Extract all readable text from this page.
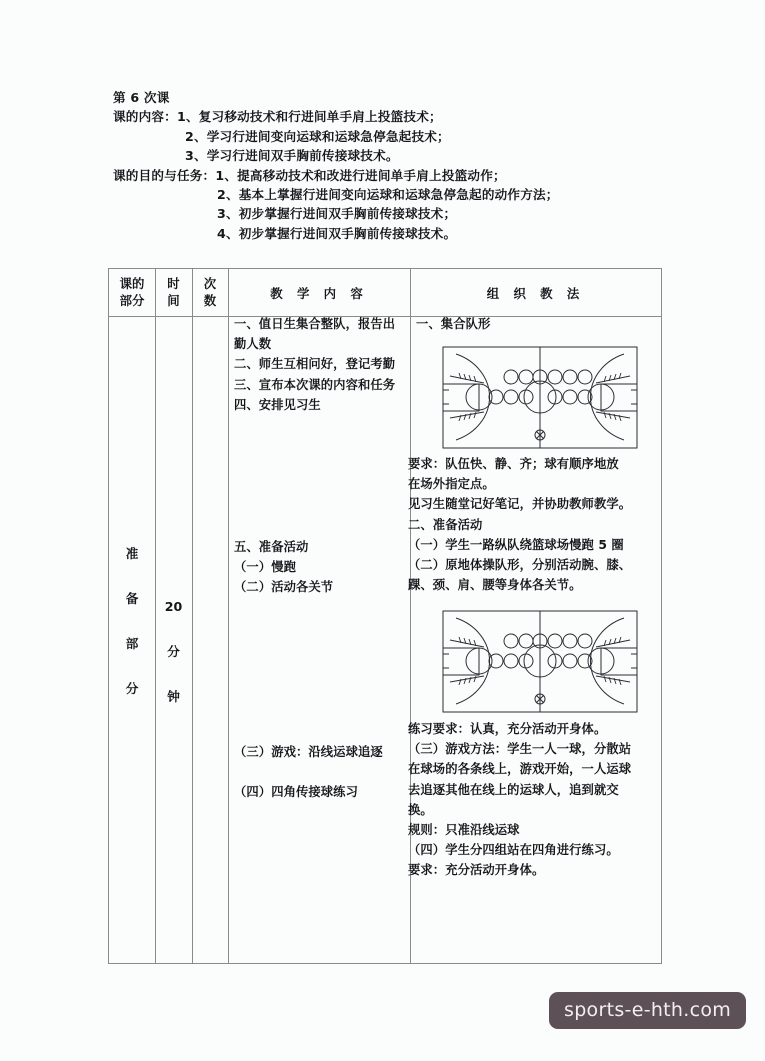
第 6 次课
课的内容：1、复习移动技术和行进间单手肩上投篮技术；
2、学习行进间变向运球和运球急停急起技术；
3、学习行进间双手胸前传接球技术。
课的目的与任务：1、提高移动技术和改进行进间单手肩上投篮动作；
2、基本上掌握行进间变向运球和运球急停急起的动作方法；
3、初步掌握行进间双手胸前传接球技术；
4、初步掌握行进间双手胸前传接球技术。
课的
部分
时
间
次
数	教 学 内 容	组 织 教 法
准
备
部
分
20
分
钟

一、值日生集合整队，报告出

勤人数

二、师生互相问好，登记考勤

三、宣布本次课的内容和任务

四、安排见习生

五、准备活动

（一）慢跑

（二）活动各关节

（三）游戏：沿线运球追逐

（四）四角传接球练习

一、集合队形

要求：队伍快、静、齐；球有顺序地放

在场外指定点。

见习生随堂记好笔记，并协助教师教学。

二、准备活动

（一）学生一路纵队绕篮球场慢跑 5 圈

（二）原地体操队形，分别活动腕、膝、

踝、颈、肩、腰等身体各关节。

练习要求：认真，充分活动开身体。

（三）游戏方法：学生一人一球，分散站

在球场的各条线上，游戏开始，一人运球

去追逐其他在线上的运球人，追到就交

换。

规则：只准沿线运球

（四）学生分四组站在四角进行练习。

要求：充分活动开身体。

sports-e-hth.com
